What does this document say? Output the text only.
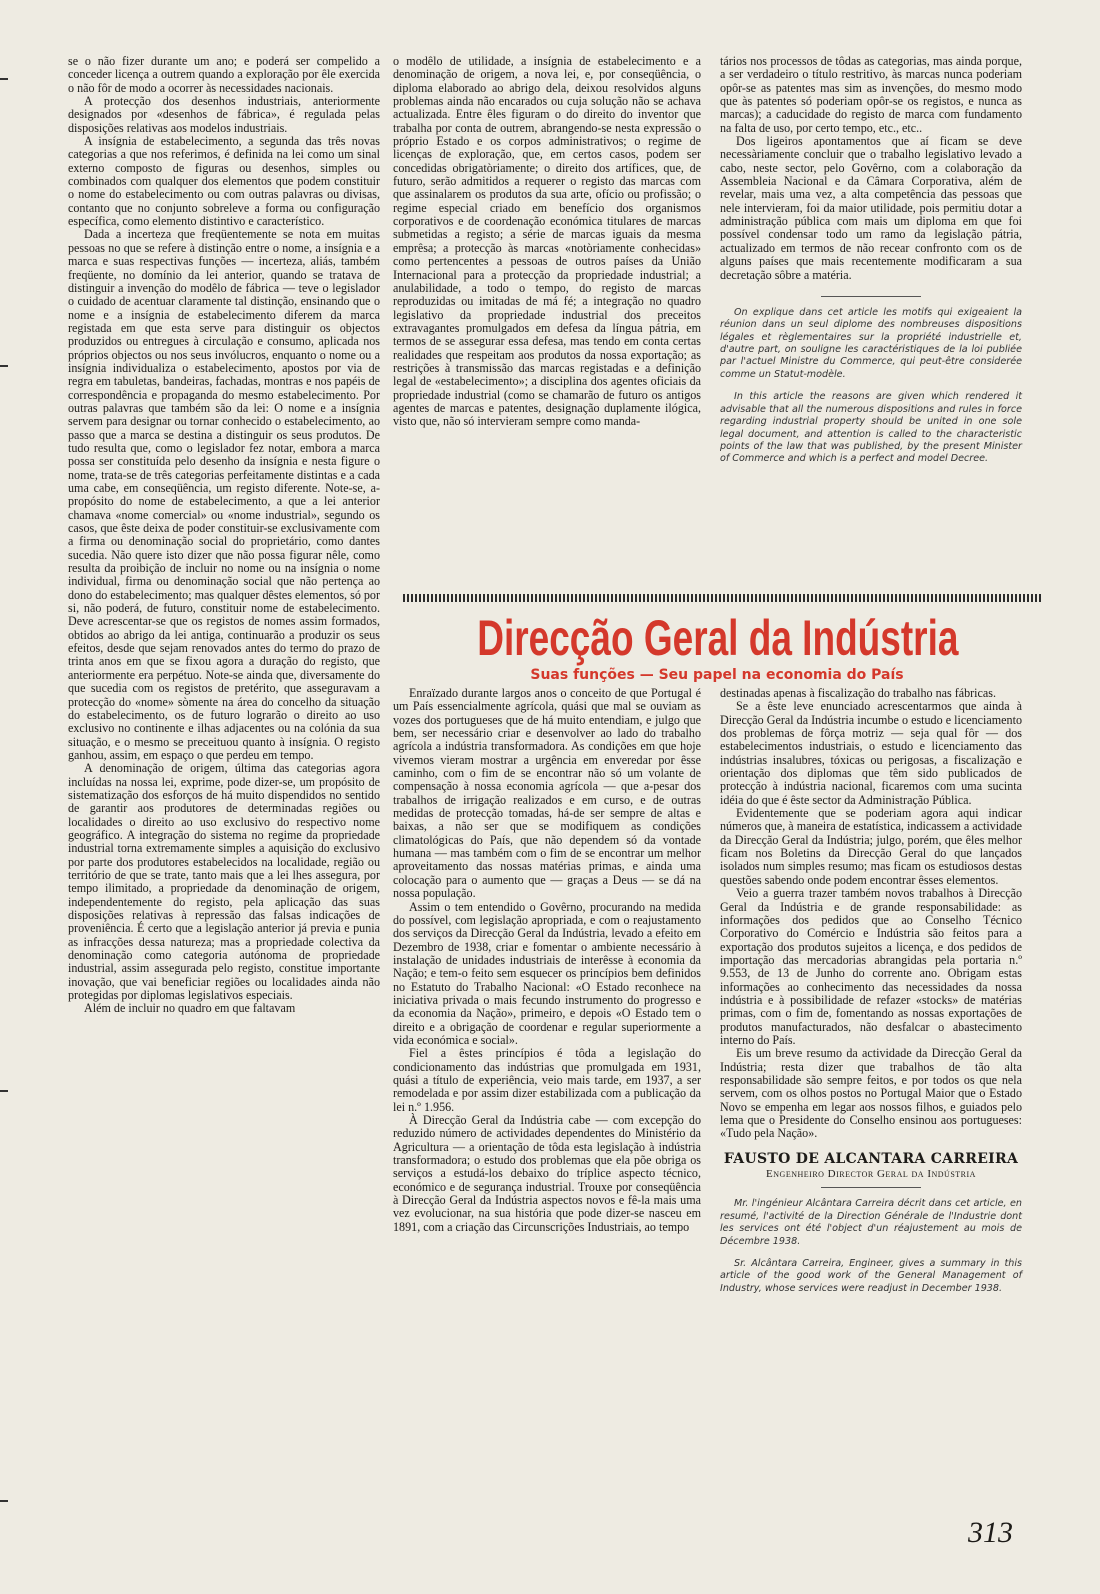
se o não fizer durante um ano; e poderá ser compelido a conceder licença a outrem quando a exploração por êle exercida o não fôr de modo a ocorrer às necessidades nacionais.

A protecção dos desenhos industriais, anteriormente designados por «desenhos de fábrica», é regulada pelas disposições relativas aos modelos industriais.

A insígnia de estabelecimento, a segunda das três novas categorias a que nos referimos, é definida na lei como um sinal externo composto de figuras ou desenhos, simples ou combinados com qualquer dos elementos que podem constituir o nome do estabelecimento ou com outras palavras ou divisas, contanto que no conjunto sobreleve a forma ou configuração específica, como elemento distintivo e característico.

Dada a incerteza que freqüentemente se nota em muitas pessoas no que se refere à distinção entre o nome, a insígnia e a marca e suas respectivas funções — incerteza, aliás, também freqüente, no domínio da lei anterior, quando se tratava de distinguir a invenção do modêlo de fábrica — teve o legislador o cuidado de acentuar claramente tal distinção, ensinando que o nome e a insígnia de estabelecimento diferem da marca registada em que esta serve para distinguir os objectos produzidos ou entregues à circulação e consumo, aplicada nos próprios objectos ou nos seus invólucros, enquanto o nome ou a insígnia individualiza o estabelecimento, apostos por via de regra em tabuletas, bandeiras, fachadas, montras e nos papéis de correspondência e propaganda do mesmo estabelecimento. Por outras palavras que também são da lei: O nome e a insígnia servem para designar ou tornar conhecido o estabelecimento, ao passo que a marca se destina a distinguir os seus produtos. De tudo resulta que, como o legislador fez notar, embora a marca possa ser constituída pelo desenho da insígnia e nesta figure o nome, trata-se de três categorias perfeitamente distintas e a cada uma cabe, em conseqüência, um registo diferente. Note-se, a-propósito do nome de estabelecimento, a que a lei anterior chamava «nome comercial» ou «nome industrial», segundo os casos, que êste deixa de poder constituir-se exclusivamente com a firma ou denominação social do proprietário, como dantes sucedia. Não quere isto dizer que não possa figurar nêle, como resulta da proibição de incluir no nome ou na insígnia o nome individual, firma ou denominação social que não pertença ao dono do estabelecimento; mas qualquer dêstes elementos, só por si, não poderá, de futuro, constituir nome de estabelecimento. Deve acrescentar-se que os registos de nomes assim formados, obtidos ao abrigo da lei antiga, continuarão a produzir os seus efeitos, desde que sejam renovados antes do termo do prazo de trinta anos em que se fixou agora a duração do registo, que anteriormente era perpétuo. Note-se ainda que, diversamente do que sucedia com os registos de pretérito, que asseguravam a protecção do «nome» sòmente na área do concelho da situação do estabelecimento, os de futuro lograrão o direito ao uso exclusivo no continente e ilhas adjacentes ou na colónia da sua situação, e o mesmo se preceituou quanto à insígnia. O registo ganhou, assim, em espaço o que perdeu em tempo.

A denominação de origem, última das categorias agora incluídas na nossa lei, exprime, pode dizer-se, um propósito de sistematização dos esforços de há muito dispendidos no sentido de garantir aos produtores de determinadas regiões ou localidades o direito ao uso exclusivo do respectivo nome geográfico. A integração do sistema no regime da propriedade industrial torna extremamente simples a aquisição do exclusivo por parte dos produtores estabelecidos na localidade, região ou território de que se trate, tanto mais que a lei lhes assegura, por tempo ilimitado, a propriedade da denominação de origem, independentemente do registo, pela aplicação das suas disposições relativas à repressão das falsas indicações de proveniência. É certo que a legislação anterior já previa e punia as infracções dessa natureza; mas a propriedade colectiva da denominação como categoria autónoma de propriedade industrial, assim assegurada pelo registo, constitue importante inovação, que vai beneficiar regiões ou localidades ainda não protegidas por diplomas legislativos especiais.

Além de incluir no quadro em que faltavam

o modêlo de utilidade, a insígnia de estabelecimento e a denominação de origem, a nova lei, e, por conseqüência, o diploma elaborado ao abrigo dela, deixou resolvidos alguns problemas ainda não encarados ou cuja solução não se achava actualizada. Entre êles figuram o do direito do inventor que trabalha por conta de outrem, abrangendo-se nesta expressão o próprio Estado e os corpos administrativos; o regime de licenças de exploração, que, em certos casos, podem ser concedidas obrigatòriamente; o direito dos artífices, que, de futuro, serão admitidos a requerer o registo das marcas com que assinalarem os produtos da sua arte, ofício ou profissão; o regime especial criado em benefício dos organismos corporativos e de coordenação económica titulares de marcas submetidas a registo; a série de marcas iguais da mesma emprêsa; a protecção às marcas «notòriamente conhecidas» como pertencentes a pessoas de outros países da União Internacional para a protecção da propriedade industrial; a anulabilidade, a todo o tempo, do registo de marcas reproduzidas ou imitadas de má fé; a integração no quadro legislativo da propriedade industrial dos preceitos extravagantes promulgados em defesa da língua pátria, em termos de se assegurar essa defesa, mas tendo em conta certas realidades que respeitam aos produtos da nossa exportação; as restrições à transmissão das marcas registadas e a definição legal de «estabelecimento»; a disciplina dos agentes oficiais da propriedade industrial (como se chamarão de futuro os antigos agentes de marcas e patentes, designação duplamente ilógica, visto que, não só intervieram sempre como manda-

tários nos processos de tôdas as categorias, mas ainda porque, a ser verdadeiro o título restritivo, às marcas nunca poderiam opôr-se as patentes mas sim as invenções, do mesmo modo que às patentes só poderiam opôr-se os registos, e nunca as marcas); a caducidade do registo de marca com fundamento na falta de uso, por certo tempo, etc., etc..

Dos ligeiros apontamentos que aí ficam se deve necessàriamente concluir que o trabalho legislativo levado a cabo, neste sector, pelo Govêrno, com a colaboração da Assembleia Nacional e da Câmara Corporativa, além de revelar, mais uma vez, a alta competência das pessoas que nele intervieram, foi da maior utilidade, pois permitiu dotar a administração pública com mais um diploma em que foi possível condensar todo um ramo da legislação pátria, actualizado em termos de não recear confronto com os de alguns países que mais recentemente modificaram a sua decretação sôbre a matéria.

On explique dans cet article les motifs qui exigeaient la réunion dans un seul diplome des nombreuses dispositions légales et règlementaires sur la propriété industrielle et, d'autre part, on souligne les caractéristiques de la loi publiée par l'actuel Ministre du Commerce, qui peut-être considerée comme un Statut-modèle.

In this article the reasons are given which rendered it advisable that all the numerous dispositions and rules in force regarding industrial property should be united in one sole legal document, and attention is called to the characteristic points of the law that was published, by the present Minister of Commerce and which is a perfect and model Decree.

Direcção Geral da Indústria
Suas funções — Seu papel na economia do País

Enraïzado durante largos anos o conceito de que Portugal é um País essencialmente agrícola, quási que mal se ouviam as vozes dos portugueses que de há muito entendiam, e julgo que bem, ser necessário criar e desenvolver ao lado do trabalho agrícola a indústria transformadora. As condições em que hoje vivemos vieram mostrar a urgência em enveredar por êsse caminho, com o fim de se encontrar não só um volante de compensação à nossa economia agrícola — que a-pesar dos trabalhos de irrigação realizados e em curso, e de outras medidas de protecção tomadas, há-de ser sempre de altas e baixas, a não ser que se modifiquem as condições climatológicas do País, que não dependem só da vontade humana — mas também com o fim de se encontrar um melhor aproveitamento das nossas matérias primas, e ainda uma colocação para o aumento que — graças a Deus — se dá na nossa população.

Assim o tem entendido o Govêrno, procurando na medida do possível, com legislação apropriada, e com o reajustamento dos serviços da Direcção Geral da Indústria, levado a efeito em Dezembro de 1938, criar e fomentar o ambiente necessário à instalação de unidades industriais de interêsse à economia da Nação; e tem-o feito sem esquecer os princípios bem definidos no Estatuto do Trabalho Nacional: «O Estado reconhece na iniciativa privada o mais fecundo instrumento do progresso e da economia da Nação», primeiro, e depois «O Estado tem o direito e a obrigação de coordenar e regular superiormente a vida económica e social».

Fiel a êstes princípios é tôda a legislação do condicionamento das indústrias que promulgada em 1931, quási a título de experiência, veio mais tarde, em 1937, a ser remodelada e por assim dizer estabilizada com a publicação da lei n.º 1.956.

À Direcção Geral da Indústria cabe — com excepção do reduzido número de actividades dependentes do Ministério da Agricultura — a orientação de tôda esta legislação à indústria transformadora; o estudo dos problemas que ela põe obriga os serviços a estudá-los debaixo do tríplice aspecto técnico, económico e de segurança industrial. Trouxe por conseqüência à Direcção Geral da Indústria aspectos novos e fê-la mais uma vez evolucionar, na sua história que pode dizer-se nasceu em 1891, com a criação das Circunscrições Industriais, ao tempo

destinadas apenas à fiscalização do trabalho nas fábricas.

Se a êste leve enunciado acrescentarmos que ainda à Direcção Geral da Indústria incumbe o estudo e licenciamento dos problemas de fôrça motriz — seja qual fôr — dos estabelecimentos industriais, o estudo e licenciamento das indústrias insalubres, tóxicas ou perigosas, a fiscalização e orientação dos diplomas que têm sido publicados de protecção à indústria nacional, ficaremos com uma sucinta idéia do que é êste sector da Administração Pública.

Evidentemente que se poderiam agora aqui indicar números que, à maneira de estatística, indicassem a actividade da Direcção Geral da Indústria; julgo, porém, que êles melhor ficam nos Boletins da Direcção Geral do que lançados isolados num simples resumo; mas ficam os estudiosos destas questões sabendo onde podem encontrar êsses elementos.

Veio a guerra trazer também novos trabalhos à Direcção Geral da Indústria e de grande responsabilidade: as informações dos pedidos que ao Conselho Técnico Corporativo do Comércio e Indústria são feitos para a exportação dos produtos sujeitos a licença, e dos pedidos de importação das mercadorias abrangidas pela portaria n.º 9.553, de 13 de Junho do corrente ano. Obrigam estas informações ao conhecimento das necessidades da nossa indústria e à possibilidade de refazer «stocks» de matérias primas, com o fim de, fomentando as nossas exportações de produtos manufacturados, não desfalcar o abastecimento interno do País.

Eis um breve resumo da actividade da Direcção Geral da Indústria; resta dizer que trabalhos de tão alta responsabilidade são sempre feitos, e por todos os que nela servem, com os olhos postos no Portugal Maior que o Estado Novo se empenha em legar aos nossos filhos, e guiados pelo lema que o Presidente do Conselho ensinou aos portugueses: «Tudo pela Nação».

FAUSTO DE ALCANTARA CARREIRA
Engenheiro Director Geral da Indústria

Mr. l'ingénieur Alcântara Carreira décrit dans cet article, en resumé, l'activité de la Direction Générale de l'Industrie dont les services ont été l'object d'un réajustement au mois de Décembre 1938.

Sr. Alcântara Carreira, Engineer, gives a summary in this article of the good work of the General Management of Industry, whose services were readjust in December 1938.

313
